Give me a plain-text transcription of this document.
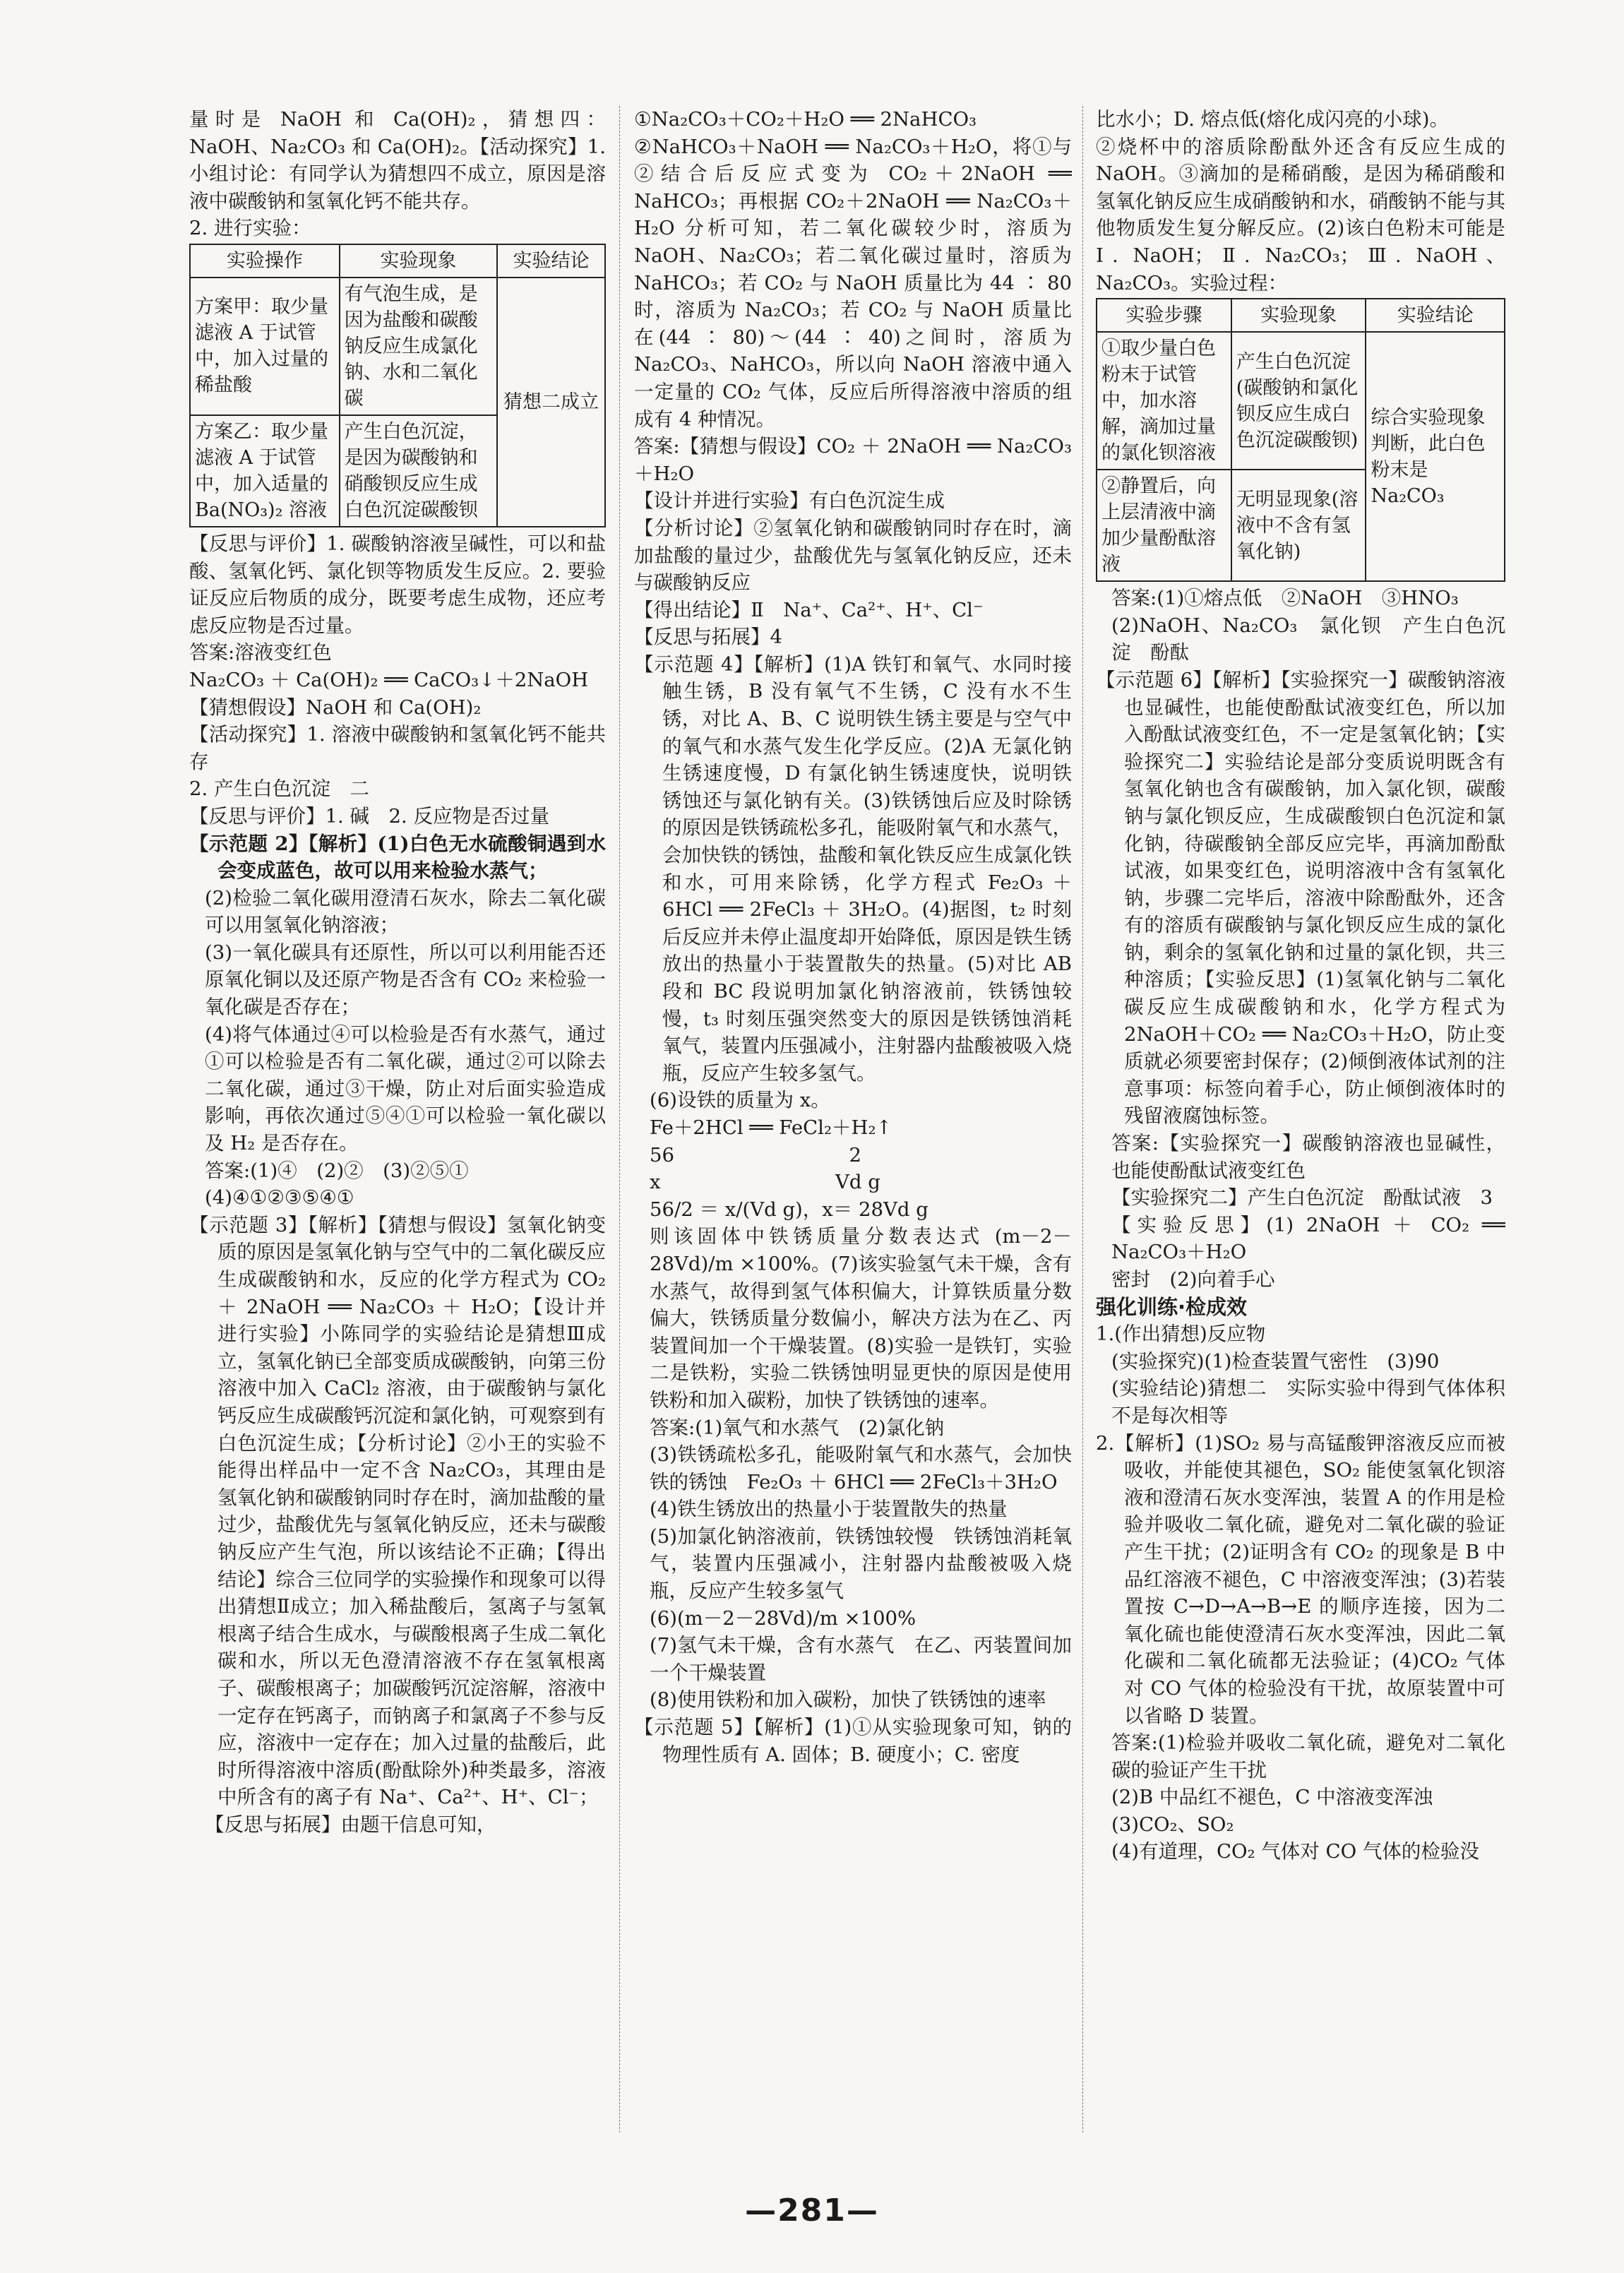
量时是 NaOH 和 Ca(OH)₂，猜想四：NaOH、Na₂CO₃ 和 Ca(OH)₂。【活动探究】1. 小组讨论：有同学认为猜想四不成立，原因是溶液中碳酸钠和氢氧化钙不能共存。

2. 进行实验：

实验操作	实验现象	实验结论
方案甲：取少量滤液 A 于试管中，加入过量的稀盐酸	有气泡生成，是因为盐酸和碳酸钠反应生成氯化钠、水和二氧化碳	猜想二成立
方案乙：取少量滤液 A 于试管中，加入适量的 Ba(NO₃)₂ 溶液	产生白色沉淀，是因为碳酸钠和硝酸钡反应生成白色沉淀碳酸钡	

【反思与评价】1. 碳酸钠溶液呈碱性，可以和盐酸、氢氧化钙、氯化钡等物质发生反应。2. 要验证反应后物质的成分，既要考虑生成物，还应考虑反应物是否过量。

答案:溶液变红色

Na₂CO₃ ＋ Ca(OH)₂ ══ CaCO₃↓＋2NaOH

【猜想假设】NaOH 和 Ca(OH)₂

【活动探究】1. 溶液中碳酸钠和氢氧化钙不能共存

2. 产生白色沉淀　二

【反思与评价】1. 碱　2. 反应物是否过量

【示范题 2】【解析】(1)白色无水硫酸铜遇到水会变成蓝色，故可以用来检验水蒸气；

(2)检验二氧化碳用澄清石灰水，除去二氧化碳可以用氢氧化钠溶液；

(3)一氧化碳具有还原性，所以可以利用能否还原氧化铜以及还原产物是否含有 CO₂ 来检验一氧化碳是否存在；

(4)将气体通过④可以检验是否有水蒸气，通过①可以检验是否有二氧化碳，通过②可以除去二氧化碳，通过③干燥，防止对后面实验造成影响，再依次通过⑤④①可以检验一氧化碳以及 H₂ 是否存在。

答案:(1)④　(2)②　(3)②⑤①

(4)④①②③⑤④①

【示范题 3】【解析】【猜想与假设】氢氧化钠变质的原因是氢氧化钠与空气中的二氧化碳反应生成碳酸钠和水，反应的化学方程式为 CO₂ ＋ 2NaOH ══ Na₂CO₃ ＋ H₂O；【设计并进行实验】小陈同学的实验结论是猜想Ⅲ成立，氢氧化钠已全部变质成碳酸钠，向第三份溶液中加入 CaCl₂ 溶液，由于碳酸钠与氯化钙反应生成碳酸钙沉淀和氯化钠，可观察到有白色沉淀生成；【分析讨论】②小王的实验不能得出样品中一定不含 Na₂CO₃，其理由是氢氧化钠和碳酸钠同时存在时，滴加盐酸的量过少，盐酸优先与氢氧化钠反应，还未与碳酸钠反应产生气泡，所以该结论不正确；【得出结论】综合三位同学的实验操作和现象可以得出猜想Ⅱ成立；加入稀盐酸后，氢离子与氢氧根离子结合生成水，与碳酸根离子生成二氧化碳和水，所以无色澄清溶液不存在氢氧根离子、碳酸根离子；加碳酸钙沉淀溶解，溶液中一定存在钙离子，而钠离子和氯离子不参与反应，溶液中一定存在；加入过量的盐酸后，此时所得溶液中溶质(酚酞除外)种类最多，溶液中所含有的离子有 Na⁺、Ca²⁺、H⁺、Cl⁻；

【反思与拓展】由题干信息可知，

①Na₂CO₃＋CO₂＋H₂O ══ 2NaHCO₃

②NaHCO₃＋NaOH ══ Na₂CO₃＋H₂O，将①与②结合后反应式变为 CO₂＋2NaOH ══ NaHCO₃；再根据 CO₂＋2NaOH ══ Na₂CO₃＋H₂O 分析可知，若二氧化碳较少时，溶质为 NaOH、Na₂CO₃；若二氧化碳过量时，溶质为 NaHCO₃；若 CO₂ 与 NaOH 质量比为 44 ∶ 80 时，溶质为 Na₂CO₃；若 CO₂ 与 NaOH 质量比在(44 ∶ 80)～(44 ∶ 40)之间时，溶质为 Na₂CO₃、NaHCO₃，所以向 NaOH 溶液中通入一定量的 CO₂ 气体，反应后所得溶液中溶质的组成有 4 种情况。

答案:【猜想与假设】CO₂ ＋ 2NaOH ══ Na₂CO₃＋H₂O

【设计并进行实验】有白色沉淀生成

【分析讨论】②氢氧化钠和碳酸钠同时存在时，滴加盐酸的量过少，盐酸优先与氢氧化钠反应，还未与碳酸钠反应

【得出结论】Ⅱ　Na⁺、Ca²⁺、H⁺、Cl⁻

【反思与拓展】4

【示范题 4】【解析】(1)A 铁钉和氧气、水同时接触生锈，B 没有氧气不生锈，C 没有水不生锈，对比 A、B、C 说明铁生锈主要是与空气中的氧气和水蒸气发生化学反应。(2)A 无氯化钠生锈速度慢，D 有氯化钠生锈速度快，说明铁锈蚀还与氯化钠有关。(3)铁锈蚀后应及时除锈的原因是铁锈疏松多孔，能吸附氧气和水蒸气，会加快铁的锈蚀，盐酸和氧化铁反应生成氯化铁和水，可用来除锈，化学方程式 Fe₂O₃ ＋ 6HCl ══ 2FeCl₃ ＋ 3H₂O。(4)据图，t₂ 时刻后反应并未停止温度却开始降低，原因是铁生锈放出的热量小于装置散失的热量。(5)对比 AB 段和 BC 段说明加氯化钠溶液前，铁锈蚀较慢，t₃ 时刻压强突然变大的原因是铁锈蚀消耗氧气，装置内压强减小，注射器内盐酸被吸入烧瓶，反应产生较多氢气。

(6)设铁的质量为 x。

Fe＋2HCl ══ FeCl₂＋H₂↑

56　　　　　　　　　2

x　　　　　　　　　Vd g

56/2 ＝ x/(Vd g)，x＝ 28Vd g

则该固体中铁锈质量分数表达式 (m－2－28Vd)/m ×100%。(7)该实验氢气未干燥，含有水蒸气，故得到氢气体积偏大，计算铁质量分数偏大，铁锈质量分数偏小，解决方法为在乙、丙装置间加一个干燥装置。(8)实验一是铁钉，实验二是铁粉，实验二铁锈蚀明显更快的原因是使用铁粉和加入碳粉，加快了铁锈蚀的速率。

答案:(1)氧气和水蒸气　(2)氯化钠

(3)铁锈疏松多孔，能吸附氧气和水蒸气，会加快铁的锈蚀　Fe₂O₃ ＋ 6HCl ══ 2FeCl₃＋3H₂O

(4)铁生锈放出的热量小于装置散失的热量

(5)加氯化钠溶液前，铁锈蚀较慢　铁锈蚀消耗氧气，装置内压强减小，注射器内盐酸被吸入烧瓶，反应产生较多氢气

(6)(m－2－28Vd)/m ×100%

(7)氢气未干燥，含有水蒸气　在乙、丙装置间加一个干燥装置

(8)使用铁粉和加入碳粉，加快了铁锈蚀的速率

【示范题 5】【解析】(1)①从实验现象可知，钠的物理性质有 A. 固体；B. 硬度小；C. 密度

比水小；D. 熔点低(熔化成闪亮的小球)。

②烧杯中的溶质除酚酞外还含有反应生成的 NaOH。③滴加的是稀硝酸，是因为稀硝酸和氢氧化钠反应生成硝酸钠和水，硝酸钠不能与其他物质发生复分解反应。(2)该白色粉末可能是Ⅰ. NaOH；Ⅱ. Na₂CO₃；Ⅲ. NaOH、Na₂CO₃。实验过程：

实验步骤	实验现象	实验结论
①取少量白色粉末于试管中，加水溶解，滴加过量的氯化钡溶液	产生白色沉淀(碳酸钠和氯化钡反应生成白色沉淀碳酸钡)	综合实验现象判断，此白色粉末是 Na₂CO₃
②静置后，向上层清液中滴加少量酚酞溶液	无明显现象(溶液中不含有氢氧化钠)	

答案:(1)①熔点低　②NaOH　③HNO₃

(2)NaOH、Na₂CO₃　氯化钡　产生白色沉淀　酚酞

【示范题 6】【解析】【实验探究一】碳酸钠溶液也显碱性，也能使酚酞试液变红色，所以加入酚酞试液变红色，不一定是氢氧化钠；【实验探究二】实验结论是部分变质说明既含有氢氧化钠也含有碳酸钠，加入氯化钡，碳酸钠与氯化钡反应，生成碳酸钡白色沉淀和氯化钠，待碳酸钠全部反应完毕，再滴加酚酞试液，如果变红色，说明溶液中含有氢氧化钠，步骤二完毕后，溶液中除酚酞外，还含有的溶质有碳酸钠与氯化钡反应生成的氯化钠，剩余的氢氧化钠和过量的氯化钡，共三种溶质；【实验反思】(1)氢氧化钠与二氧化碳反应生成碳酸钠和水，化学方程式为 2NaOH＋CO₂ ══ Na₂CO₃＋H₂O，防止变质就必须要密封保存；(2)倾倒液体试剂的注意事项：标签向着手心，防止倾倒液体时的残留液腐蚀标签。

答案:【实验探究一】碳酸钠溶液也显碱性，也能使酚酞试液变红色

【实验探究二】产生白色沉淀　酚酞试液　3

【实验反思】(1) 2NaOH ＋ CO₂ ══ Na₂CO₃＋H₂O

密封　(2)向着手心

强化训练·检成效

1.(作出猜想)反应物

(实验探究)(1)检查装置气密性　(3)90

(实验结论)猜想二　实际实验中得到气体体积不是每次相等

2.【解析】(1)SO₂ 易与高锰酸钾溶液反应而被吸收，并能使其褪色，SO₂ 能使氢氧化钡溶液和澄清石灰水变浑浊，装置 A 的作用是检验并吸收二氧化硫，避免对二氧化碳的验证产生干扰；(2)证明含有 CO₂ 的现象是 B 中品红溶液不褪色，C 中溶液变浑浊；(3)若装置按 C→D→A→B→E 的顺序连接，因为二氧化硫也能使澄清石灰水变浑浊，因此二氧化碳和二氧化硫都无法验证；(4)CO₂ 气体对 CO 气体的检验没有干扰，故原装置中可以省略 D 装置。

答案:(1)检验并吸收二氧化硫，避免对二氧化碳的验证产生干扰

(2)B 中品红不褪色，C 中溶液变浑浊

(3)CO₂、SO₂

(4)有道理，CO₂ 气体对 CO 气体的检验没

—281—
